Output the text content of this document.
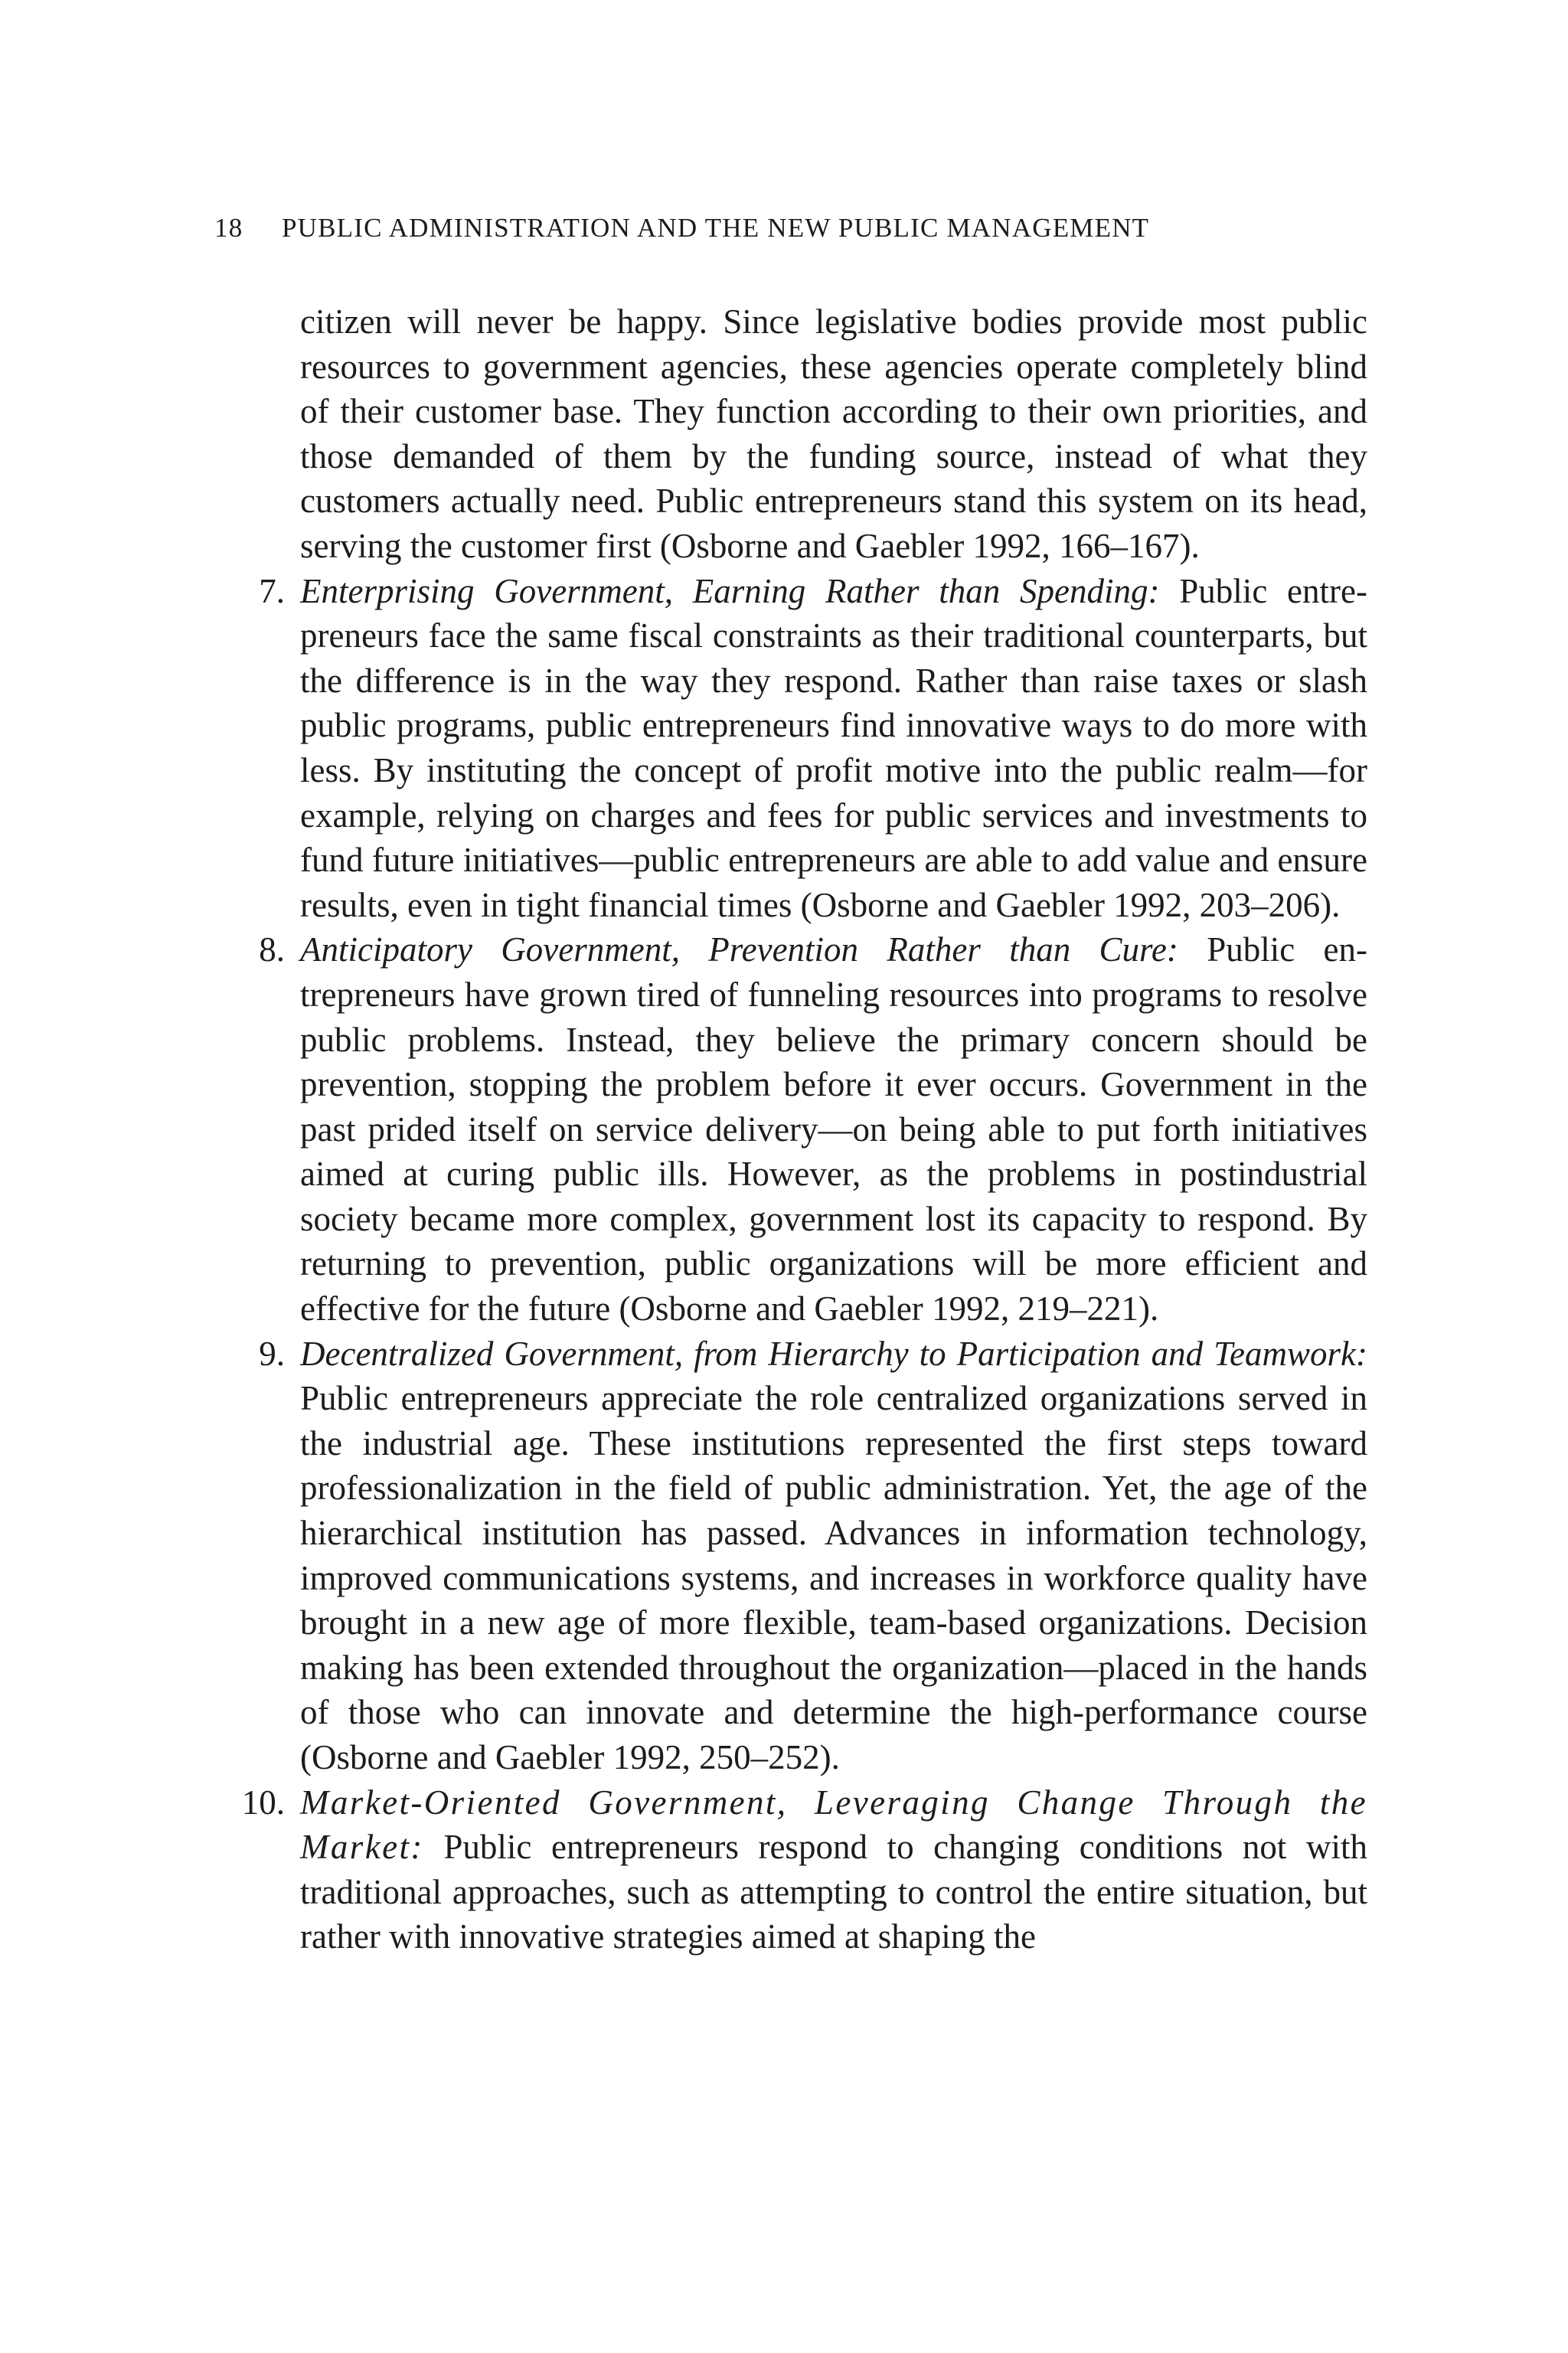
18 PUBLIC ADMINISTRATION AND THE NEW PUBLIC MANAGEMENT

citizen will never be happy. Since legislative bodies provide most public resources to government agencies, these agencies operate completely blind of their customer base. They function according to their own priorities, and those demanded of them by the funding source, instead of what they customers actually need. Public entrepreneurs stand this system on its head, serving the customer first (Osborne and Gaebler 1992, 166–167).

7. Enterprising Government, Earning Rather than Spending: Public entrepreneurs face the same fiscal constraints as their traditional counterparts, but the difference is in the way they respond. Rather than raise taxes or slash public programs, public entrepreneurs find innovative ways to do more with less. By instituting the concept of profit motive into the public realm—for example, relying on charges and fees for public services and investments to fund future initiatives—public entrepreneurs are able to add value and ensure results, even in tight financial times (Osborne and Gaebler 1992, 203–206).

8. Anticipatory Government, Prevention Rather than Cure: Public entrepreneurs have grown tired of funneling resources into programs to resolve public problems. Instead, they believe the primary concern should be prevention, stopping the problem before it ever occurs. Government in the past prided itself on service delivery—on being able to put forth initiatives aimed at curing public ills. However, as the problems in postindustrial society became more complex, government lost its capacity to respond. By returning to prevention, public organizations will be more efficient and effective for the future (Osborne and Gaebler 1992, 219–221).

9. Decentralized Government, from Hierarchy to Participation and Teamwork: Public entrepreneurs appreciate the role centralized organizations served in the industrial age. These institutions represented the first steps toward professionalization in the field of public administration. Yet, the age of the hierarchical institution has passed. Advances in information technology, improved communications systems, and increases in workforce quality have brought in a new age of more flexible, team-based organizations. Decision making has been extended throughout the organization—placed in the hands of those who can innovate and determine the high-performance course (Osborne and Gaebler 1992, 250–252).

10. Market-Oriented Government, Leveraging Change Through the Market: Public entrepreneurs respond to changing conditions not with traditional approaches, such as attempting to control the entire situation, but rather with innovative strategies aimed at shaping the
